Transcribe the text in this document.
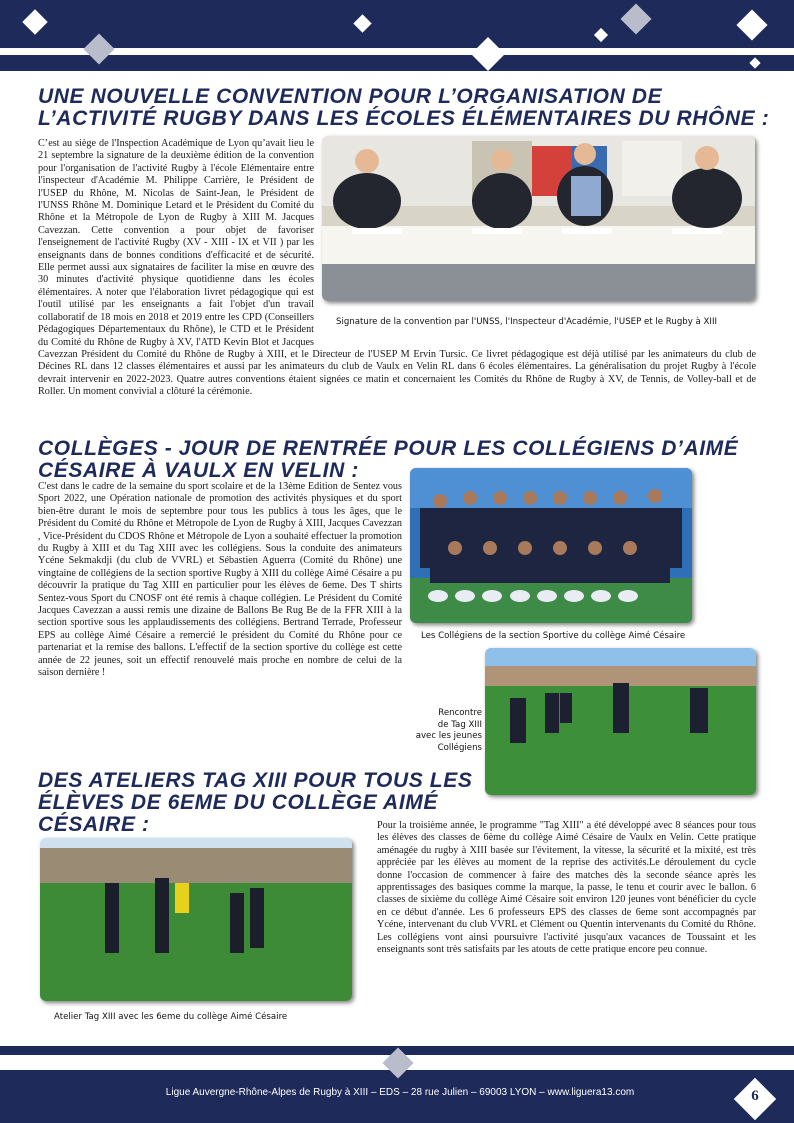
UNE NOUVELLE CONVENTION POUR L’ORGANISATION DE
L’ACTIVITÉ RUGBY DANS LES ÉCOLES ÉLÉMENTAIRES DU RHÔNE :
Signature de la convention par l'UNSS, l'Inspecteur d'Académie, l'USEP et le Rugby à XIII

C’est au siège de l'Inspection Académique de Lyon qu’avait lieu le 21 septembre la signature de la deuxième édition de la convention pour l'organisation de l'activité Rugby à l'école Elémentaire entre l'inspecteur d'Académie M. Philippe Carrière, le Président de l'USEP du Rhône, M. Nicolas de Saint-Jean, le Président de l'UNSS Rhône M. Dominique Letard et le Président du Comité du Rhône et la Métropole de Lyon de Rugby à XIII M. Jacques Cavezzan. Cette convention a pour objet de favoriser l'enseignement de l'activité Rugby (XV - XIII - IX et VII ) par les enseignants dans de bonnes conditions d'efficacité et de sécurité. Elle permet aussi aux signataires de faciliter la mise en œuvre des 30 minutes d'activité physique quotidienne dans les écoles élémentaires. A noter que l'élaboration livret pédagogique qui est l'outil utilisé par les enseignants a fait l'objet d'un travail collaboratif de 18 mois en 2018 et 2019 entre les CPD (Conseillers Pédagogiques Départementaux du Rhône), le CTD et le Président du Comité du Rhône de Rugby à XV, l'ATD Kevin Blot et Jacques Cavezzan Président du Comité du Rhône de Rugby à XIII, et le Directeur de l'USEP M Ervin Tursic. Ce livret pédagogique est déjà utilisé par les animateurs du club de Décines RL dans 12 classes élémentaires et aussi par les animateurs du club de Vaulx en Velin RL dans 6 écoles élémentaires. La généralisation du projet Rugby à l'école devrait intervenir en 2022-2023. Quatre autres conventions étaient signées ce matin et concernaient les Comités du Rhône de Rugby à XV, de Tennis, de Volley-ball et de Roller. Un moment convivial a clôturé la cérémonie.

COLLÈGES - JOUR DE RENTRÉE POUR LES COLLÉGIENS D’AIMÉ
CÉSAIRE À VAULX EN VELIN :

C'est dans le cadre de la semaine du sport scolaire et de la 13ème Edition de Sentez vous Sport 2022, une Opération nationale de promotion des activités physiques et du sport bien-être durant le mois de septembre pour tous les publics à tous les âges, que le Président du Comité du Rhône et Métropole de Lyon de Rugby à XIII, Jacques Cavezzan , Vice-Président du CDOS Rhône et Métropole de Lyon a souhaité effectuer la promotion du Rugby à XIII et du Tag XIII avec les collégiens. Sous la conduite des animateurs Ycéne Sekmakdji (du club de VVRL) et Sébastien Aguerra (Comité du Rhône) une vingtaine de collégiens de la section sportive Rugby à XIII du collège Aimé Césaire a pu découvrir la pratique du Tag XIII en particulier pour les élèves de 6eme. Des T shirts Sentez-vous Sport du CNOSF ont été remis à chaque collégien. Le Président du Comité Jacques Cavezzan a aussi remis une dizaine de Ballons Be Rug Be de la FFR XIII à la section sportive sous les applaudissements des collégiens. Bertrand Terrade, Professeur EPS au collège Aimé Césaire a remercié le président du Comité du Rhône pour ce partenariat et la remise des ballons. L'effectif de la section sportive du collège est cette année de 22 jeunes, soit un effectif renouvelé mais proche en nombre de celui de la saison dernière !

Les Collégiens de la section Sportive du collège Aimé Césaire
Rencontre
de Tag XIII
avec les jeunes
Collégiens
DES ATELIERS TAG XIII POUR TOUS LES
ÉLÈVES DE 6EME DU COLLÈGE AIMÉ
CÉSAIRE :
Atelier Tag XIII avec les 6eme du collège Aimé Césaire

Pour la troisième année, le programme "Tag XIII" a été développé avec 8 séances pour tous les élèves des classes de 6ème du collège Aimé Césaire de Vaulx en Velin. Cette pratique aménagée du rugby à XIII basée sur l'évitement, la vitesse, la sécurité et la mixité, est très appréciée par les élèves au moment de la reprise des activités.Le déroulement du cycle donne l'occasion de commencer à faire des matches dès la seconde séance après les apprentissages des basiques comme la marque, la passe, le tenu et courir avec le ballon. 6 classes de sixième du collège Aimé Césaire soit environ 120 jeunes vont bénéficier du cycle en ce début d'année. Les 6 professeurs EPS des classes de 6eme sont accompagnés par Ycéne, intervenant du club VVRL et Clément ou Quentin intervenants du Comité du Rhône. Les collégiens vont ainsi poursuivre l'activité jusqu'aux vacances de Toussaint et les enseignants sont très satisfaits par les atouts de cette pratique encore peu connue.

Ligue Auvergne-Rhône-Alpes de Rugby à XIII – EDS – 28 rue Julien – 69003 LYON – www.liguera13.com	6
